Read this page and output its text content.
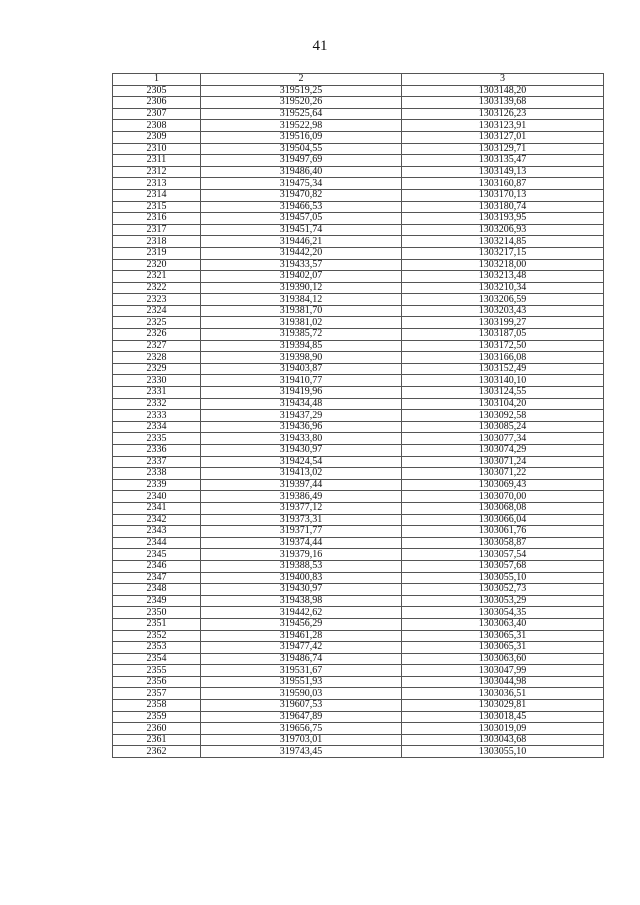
41
1	2	3
2305	319519,25	1303148,20
2306	319520,26	1303139,68
2307	319525,64	1303126,23
2308	319522,98	1303123,91
2309	319516,09	1303127,01
2310	319504,55	1303129,71
2311	319497,69	1303135,47
2312	319486,40	1303149,13
2313	319475,34	1303160,87
2314	319470,82	1303170,13
2315	319466,53	1303180,74
2316	319457,05	1303193,95
2317	319451,74	1303206,93
2318	319446,21	1303214,85
2319	319442,20	1303217,15
2320	319433,57	1303218,00
2321	319402,07	1303213,48
2322	319390,12	1303210,34
2323	319384,12	1303206,59
2324	319381,70	1303203,43
2325	319381,02	1303199,27
2326	319385,72	1303187,05
2327	319394,85	1303172,50
2328	319398,90	1303166,08
2329	319403,87	1303152,49
2330	319410,77	1303140,10
2331	319419,96	1303124,55
2332	319434,48	1303104,20
2333	319437,29	1303092,58
2334	319436,96	1303085,24
2335	319433,80	1303077,34
2336	319430,97	1303074,29
2337	319424,54	1303071,24
2338	319413,02	1303071,22
2339	319397,44	1303069,43
2340	319386,49	1303070,00
2341	319377,12	1303068,08
2342	319373,31	1303066,04
2343	319371,77	1303061,76
2344	319374,44	1303058,87
2345	319379,16	1303057,54
2346	319388,53	1303057,68
2347	319400,83	1303055,10
2348	319430,97	1303052,73
2349	319438,98	1303053,29
2350	319442,62	1303054,35
2351	319456,29	1303063,40
2352	319461,28	1303065,31
2353	319477,42	1303065,31
2354	319486,74	1303063,60
2355	319531,67	1303047,99
2356	319551,93	1303044,98
2357	319590,03	1303036,51
2358	319607,53	1303029,81
2359	319647,89	1303018,45
2360	319656,75	1303019,09
2361	319703,01	1303043,68
2362	319743,45	1303055,10
